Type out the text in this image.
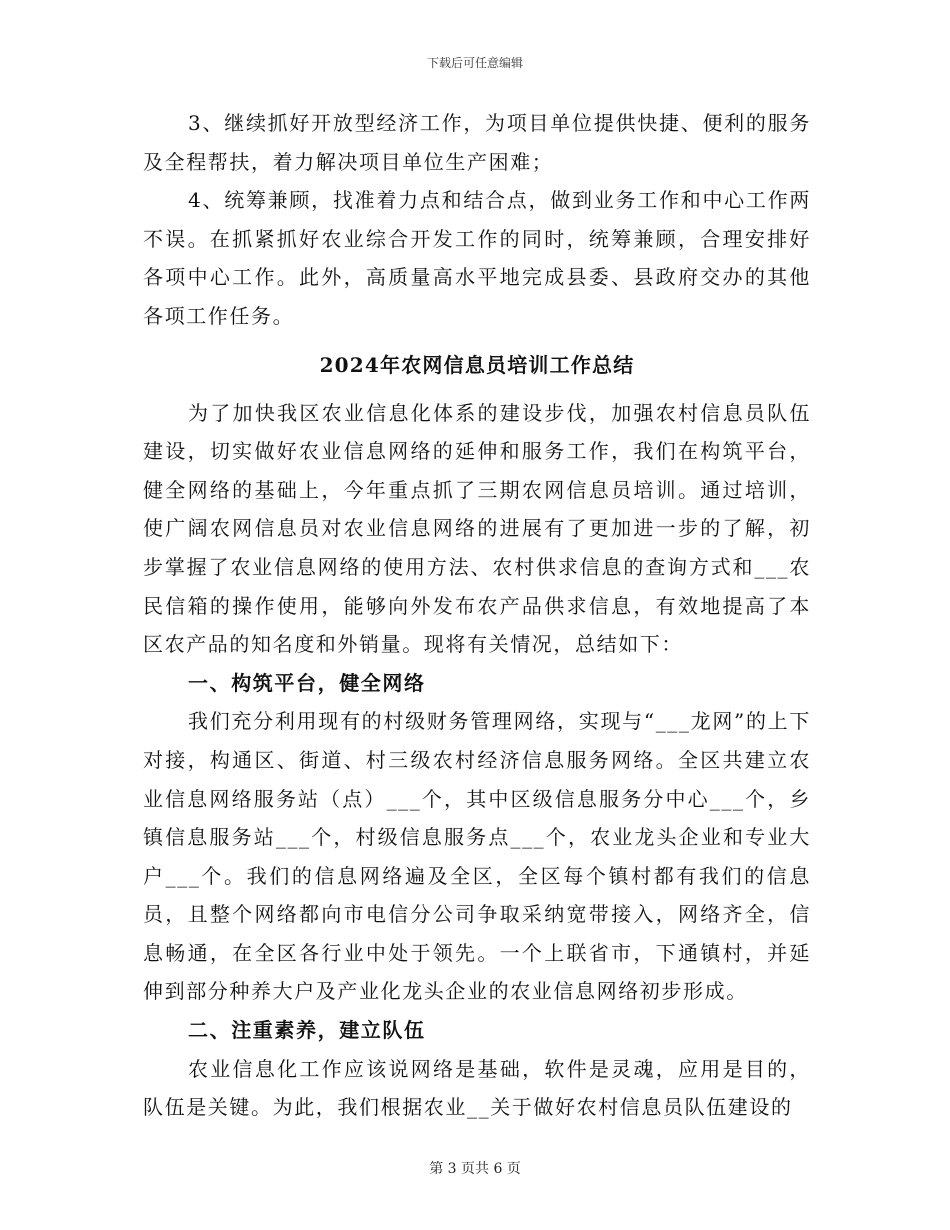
下载后可任意编辑

3、继续抓好开放型经济工作，为项目单位提供快捷、便利的服务及全程帮扶，着力解决项目单位生产困难；

4、统筹兼顾，找准着力点和结合点，做到业务工作和中心工作两不误。在抓紧抓好农业综合开发工作的同时，统筹兼顾，合理安排好各项中心工作。此外，高质量高水平地完成县委、县政府交办的其他各项工作任务。

2024年农网信息员培训工作总结

为了加快我区农业信息化体系的建设步伐，加强农村信息员队伍建设，切实做好农业信息网络的延伸和服务工作，我们在构筑平台，健全网络的基础上，今年重点抓了三期农网信息员培训。通过培训，使广阔农网信息员对农业信息网络的进展有了更加进一步的了解，初步掌握了农业信息网络的使用方法、农村供求信息的查询方式和___农民信箱的操作使用，能够向外发布农产品供求信息，有效地提高了本区农产品的知名度和外销量。现将有关情况，总结如下：

一、构筑平台，健全网络

我们充分利用现有的村级财务管理网络，实现与“___龙网”的上下对接，构通区、街道、村三级农村经济信息服务网络。全区共建立农业信息网络服务站（点）___个，其中区级信息服务分中心___个，乡镇信息服务站___个，村级信息服务点___个，农业龙头企业和专业大户___个。我们的信息网络遍及全区，全区每个镇村都有我们的信息员，且整个网络都向市电信分公司争取采纳宽带接入，网络齐全，信息畅通，在全区各行业中处于领先。一个上联省市，下通镇村，并延伸到部分种养大户及产业化龙头企业的农业信息网络初步形成。

二、注重素养，建立队伍

农业信息化工作应该说网络是基础，软件是灵魂，应用是目的，队伍是关键。为此，我们根据农业__关于做好农村信息员队伍建设的

第 3 页共 6 页
